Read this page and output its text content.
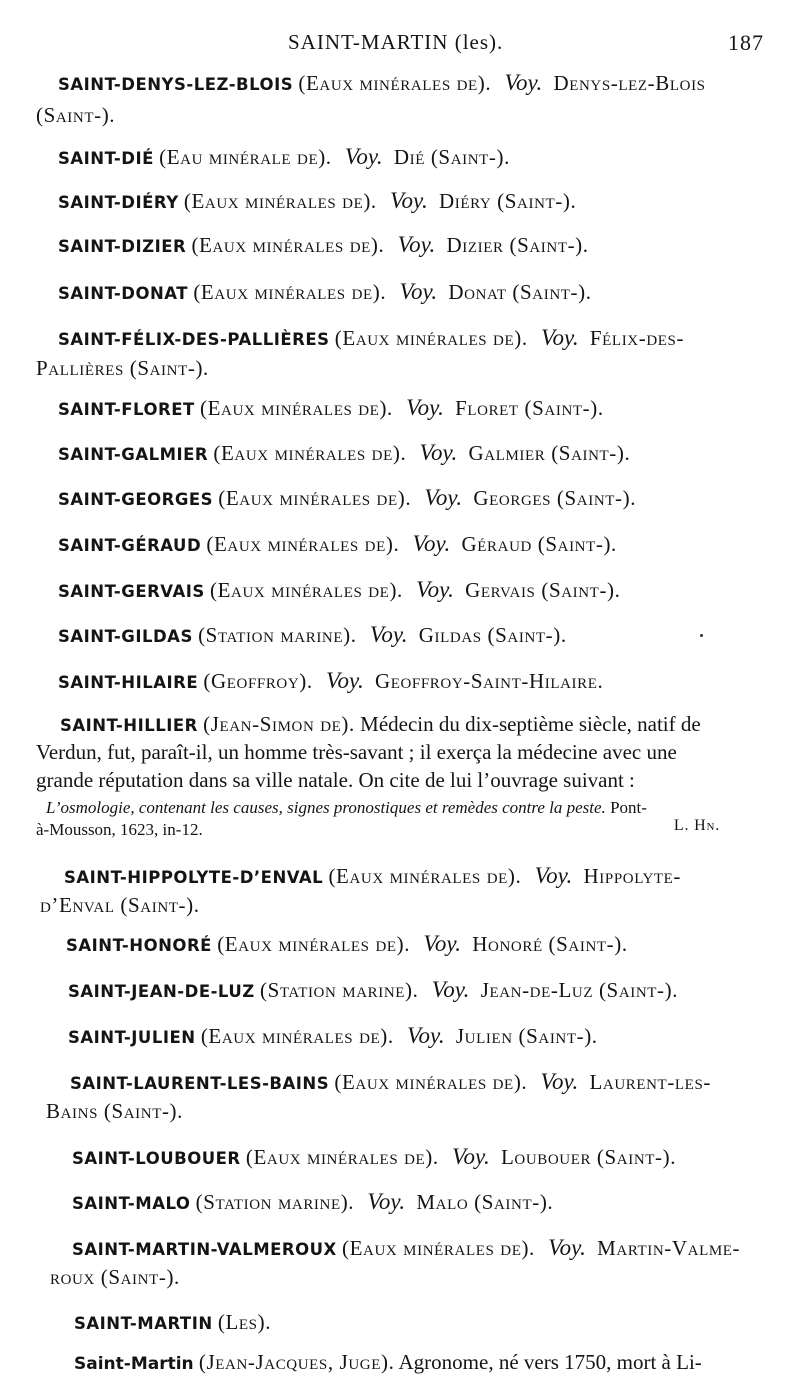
SAINT-MARTIN (les).	187
SAINT-DENYS-LEZ-BLOIS (Eaux minérales de). Voy. Denys-lez-Blois
(Saint-).
SAINT-DIÉ (Eau minérale de). Voy. Dié (Saint-).
SAINT-DIÉRY (Eaux minérales de). Voy. Diéry (Saint-).
SAINT-DIZIER (Eaux minérales de). Voy. Dizier (Saint-).
SAINT-DONAT (Eaux minérales de). Voy. Donat (Saint-).
SAINT-FÉLIX-DES-PALLIÈRES (Eaux minérales de). Voy. Félix-des-
Pallières (Saint-).
SAINT-FLORET (Eaux minérales de). Voy. Floret (Saint-).
SAINT-GALMIER (Eaux minérales de). Voy. Galmier (Saint-).
SAINT-GEORGES (Eaux minérales de). Voy. Georges (Saint-).
SAINT-GÉRAUD (Eaux minérales de). Voy. Géraud (Saint-).
SAINT-GERVAIS (Eaux minérales de). Voy. Gervais (Saint-).
SAINT-GILDAS (Station marine). Voy. Gildas (Saint-).
SAINT-HILAIRE (Geoffroy). Voy. Geoffroy-Saint-Hilaire.
SAINT-HILLIER (Jean-Simon de). Médecin du dix-septième siècle, natif de
Verdun, fut, paraît-il, un homme très-savant ; il exerça la médecine avec une
grande réputation dans sa ville natale. On cite de lui l’ouvrage suivant :
L’osmologie, contenant les causes, signes pronostiques et remèdes contre la peste. Pont-
à-Mousson, 1623, in-12.	L. Hn.
SAINT-HIPPOLYTE-D’ENVAL (Eaux minérales de). Voy. Hippolyte-
d’Enval (Saint-).
SAINT-HONORÉ (Eaux minérales de). Voy. Honoré (Saint-).
SAINT-JEAN-DE-LUZ (Station marine). Voy. Jean-de-Luz (Saint-).
SAINT-JULIEN (Eaux minérales de). Voy. Julien (Saint-).
SAINT-LAURENT-LES-BAINS (Eaux minérales de). Voy. Laurent-les-
Bains (Saint-).
SAINT-LOUBOUER (Eaux minérales de). Voy. Loubouer (Saint-).
SAINT-MALO (Station marine). Voy. Malo (Saint-).
SAINT-MARTIN-VALMEROUX (Eaux minérales de). Voy. Martin-Valme-
roux (Saint-).
SAINT-MARTIN (Les).
Saint-Martin (Jean-Jacques, Juge). Agronome, né vers 1750, mort à Li-
